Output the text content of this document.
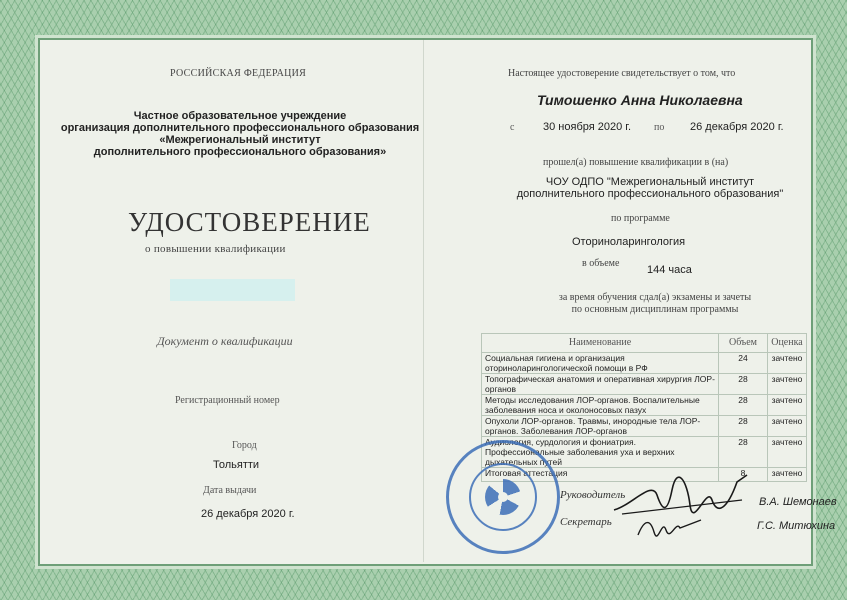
РОССИЙСКАЯ ФЕДЕРАЦИЯ
Частное образовательное учреждение
организация дополнительного профессионального образования
«Межрегиональный институт
дополнительного профессионального образования»
УДОСТОВЕРЕНИЕ
о повышении квалификации
Документ о квалификации
Регистрационный номер
Город
Тольятти
Дата выдачи
26 декабря 2020 г.
Настоящее удостоверение свидетельствует о том, что
Тимошенко Анна Николаевна
с	30 ноября 2020 г. по 26 декабря 2020 г.
прошел(а) повышение квалификации в (на)
ЧОУ ОДПО "Межрегиональный институт
дополнительного профессионального образования"
по программе
Оториноларингология
в объеме
144 часа
за время обучения сдал(а) экзамены и зачеты
по основным дисциплинам программы
Наименование	Объем	Оценка
Социальная гигиена и организация оториноларингологической помощи в РФ	24	зачтено
Топографическая анатомия и оперативная хирургия ЛОР-органов	28	зачтено
Методы исследования ЛОР-органов. Воспалительные заболевания носа и околоносовых пазух	28	зачтено
Опухоли ЛОР-органов. Травмы, инородные тела ЛОР-органов. Заболевания ЛОР-органов	28	зачтено
Аудиология, сурдология и фониатрия. Профессиональные заболевания уха и верхних дыхательных путей	28	зачтено
Итоговая аттестация	8	зачтено
Руководитель
В.А. Шемонаев
Секретарь	Г.С. Митюхина
